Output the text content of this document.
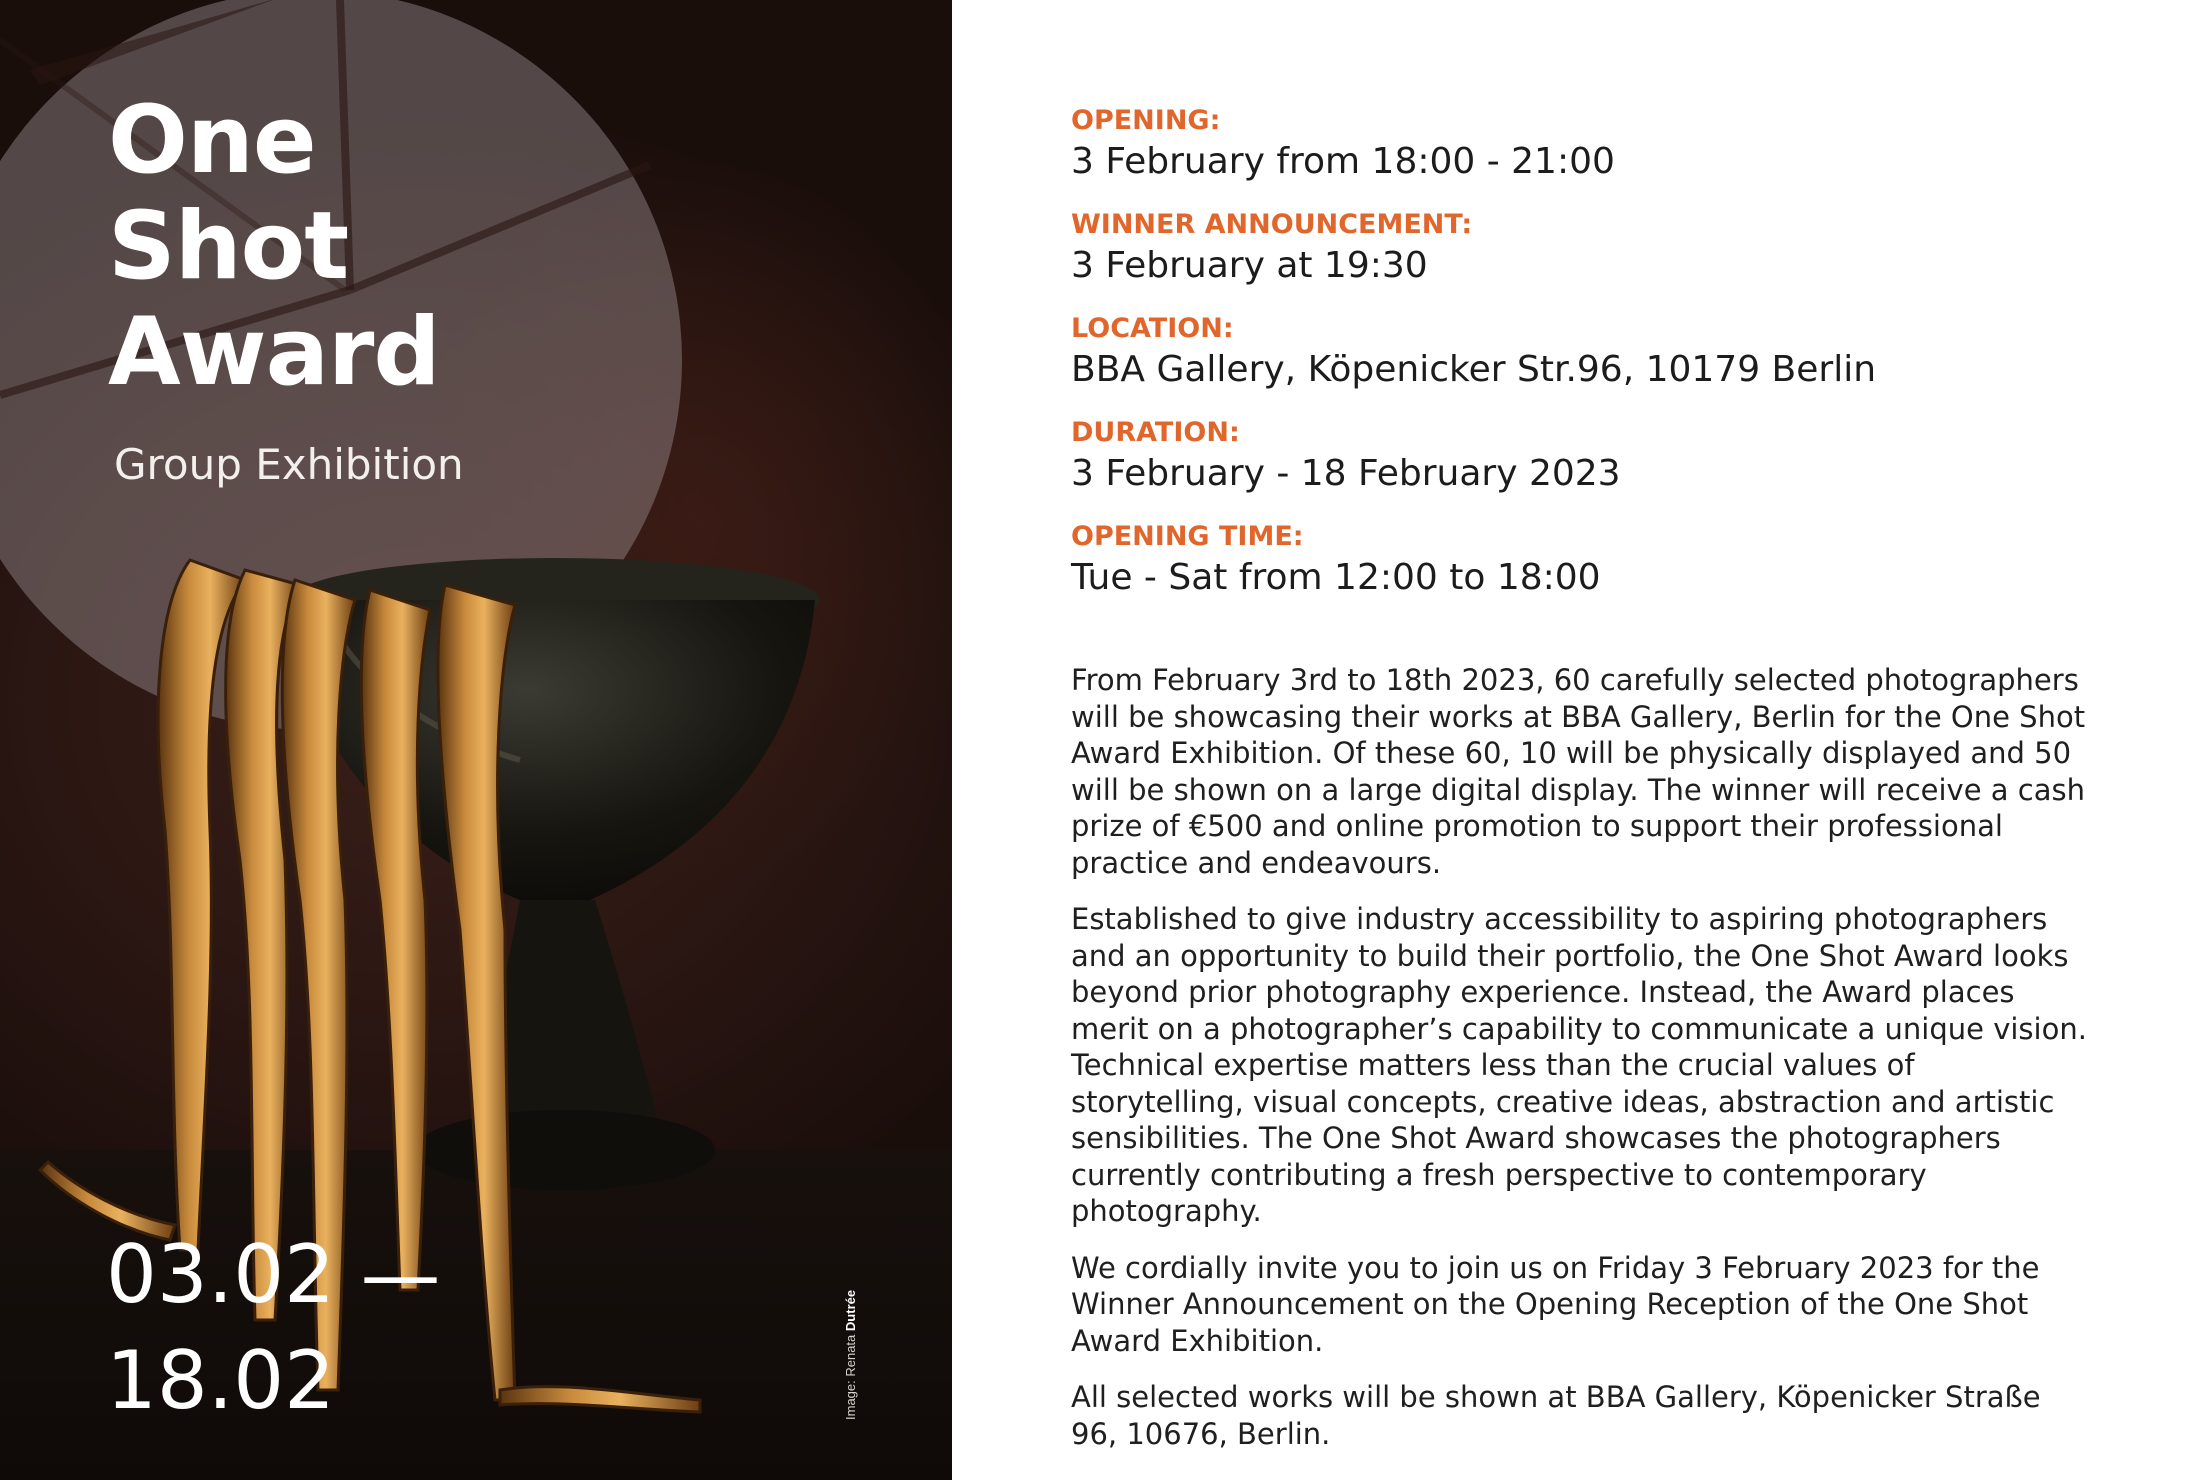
One
Shot
Award

Group Exhibition

03.02 —
18.02	Image: Renata Dutrée

OPENING:

3 February from 18:00 - 21:00

WINNER ANNOUNCEMENT:

3 February at 19:30

LOCATION:

BBA Gallery, Köpenicker Str.96, 10179 Berlin

DURATION:

3 February - 18 February 2023

OPENING TIME:

Tue - Sat from 12:00 to 18:00

From February 3rd to 18th 2023, 60 carefully selected photographers will be showcasing their works at BBA Gallery, Berlin for the One Shot Award Exhibition. Of these 60, 10 will be physically displayed and 50 will be shown on a large digital display. The winner will receive a cash prize of €500 and online promotion to support their professional practice and endeavours.

Established to give industry accessibility to aspiring photographers and an opportunity to build their portfolio, the One Shot Award looks beyond prior photography experience. Instead, the Award places merit on a photographer’s capability to communicate a unique vision. Technical expertise matters less than the crucial values of storytelling, visual concepts, creative ideas, abstraction and artistic sensibilities. The One Shot Award showcases the photographers currently contributing a fresh perspective to contemporary photography.

We cordially invite you to join us on Friday 3 February 2023 for the Winner Announcement on the Opening Reception of the One Shot Award Exhibition.

All selected works will be shown at BBA Gallery, Köpenicker Straße 96, 10676, Berlin.
